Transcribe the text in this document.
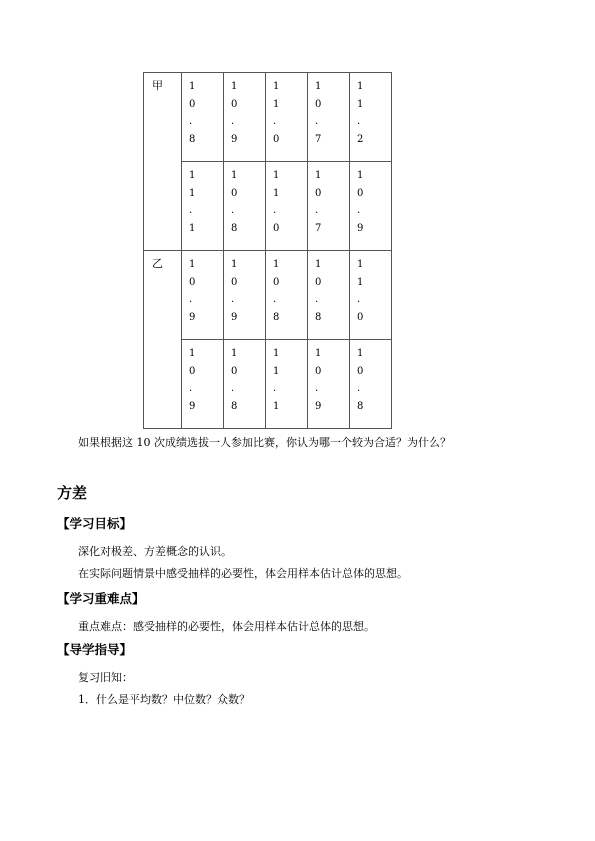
甲	1
0
.
8	1
0
.
9	1
1
.
0	1
0
.
7	1
1
.
2

	1
1
.
1	1
0
.
8	1
1
.
0	1
0
.
7	1
0
.
9

乙	1
0
.
9	1
0
.
9	1
0
.
8	1
0
.
8	1
1
.
0

	1
0
.
9	1
0
.
8	1
1
.
1	1
0
.
9	1
0
.
8
如果根据这 10 次成绩选拔一人参加比赛，你认为哪一个较为合适？为什么？
方差
【学习目标】
深化对极差、方差概念的认识。
在实际问题情景中感受抽样的必要性，体会用样本估计总体的思想。
【学习重难点】
重点难点：感受抽样的必要性，体会用样本估计总体的思想。
【导学指导】
复习旧知：
1．什么是平均数？中位数？众数？
